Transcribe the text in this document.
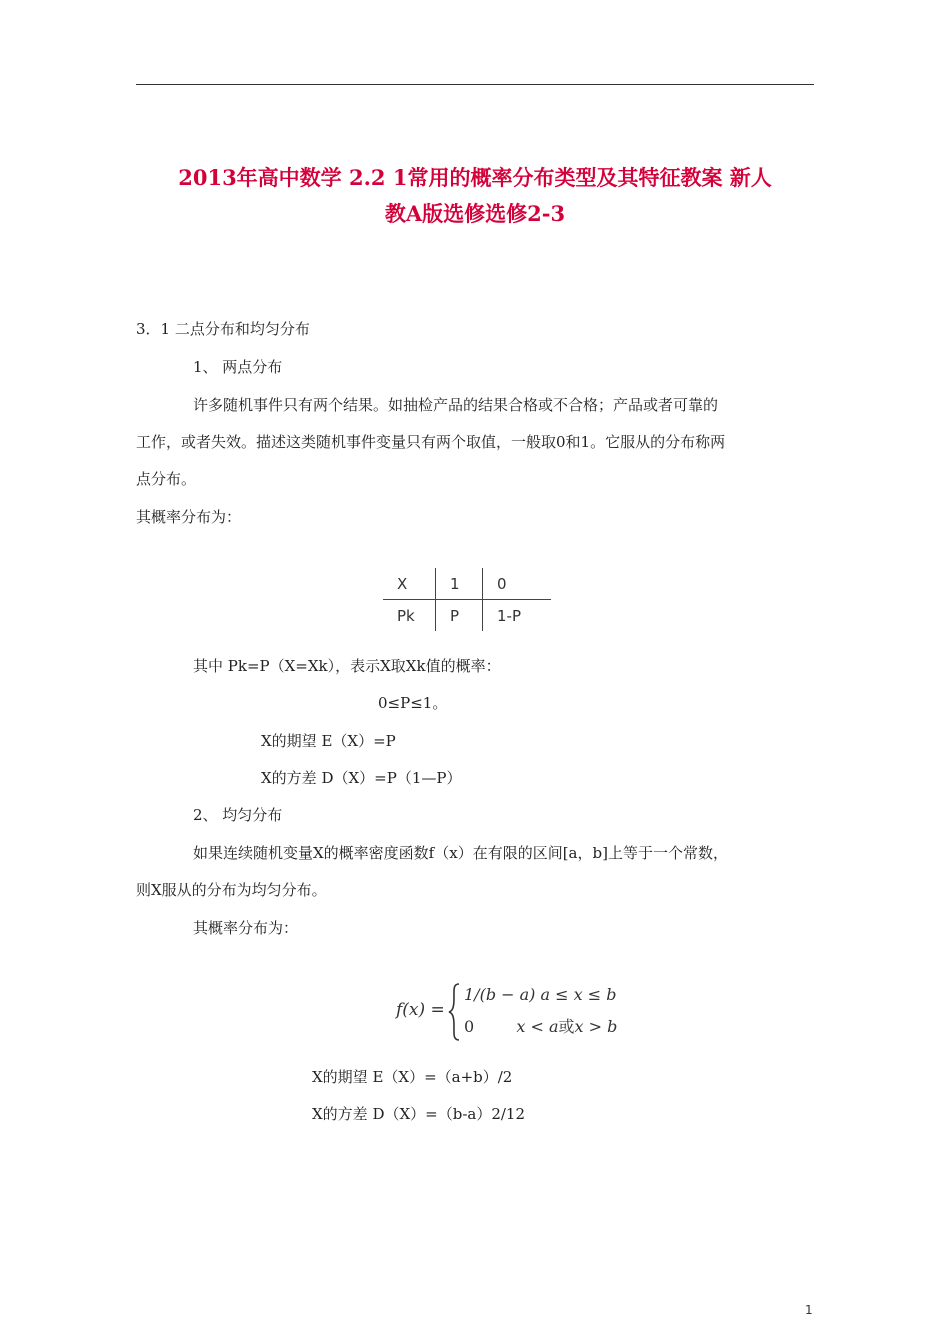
2013年高中数学 2.2 1常用的概率分布类型及其特征教案 新人
教A版选修选修2-3

3．1 二点分布和均匀分布

1、 两点分布

许多随机事件只有两个结果。如抽检产品的结果合格或不合格；产品或者可靠的

工作，或者失效。描述这类随机事件变量只有两个取值，一般取0和1。它服从的分布称两

点分布。

其概率分布为：

X	1	0
Pk	P	1-P

其中 Pk=P（X=Xk），表示X取Xk值的概率：

0≤P≤1。

X的期望 E（X）=P

X的方差 D（X）=P（1—P）

2、 均匀分布

如果连续随机变量X的概率密度函数f（x）在有限的区间[a，b]上等于一个常数，

则X服从的分布为均匀分布。

其概率分布为：

f(x) =
1/(b − a) a ≤ x ≤ b
0	x < a或x > b

X的期望 E（X）=（a+b）/2

X的方差 D（X）=（b-a）2/12

1
